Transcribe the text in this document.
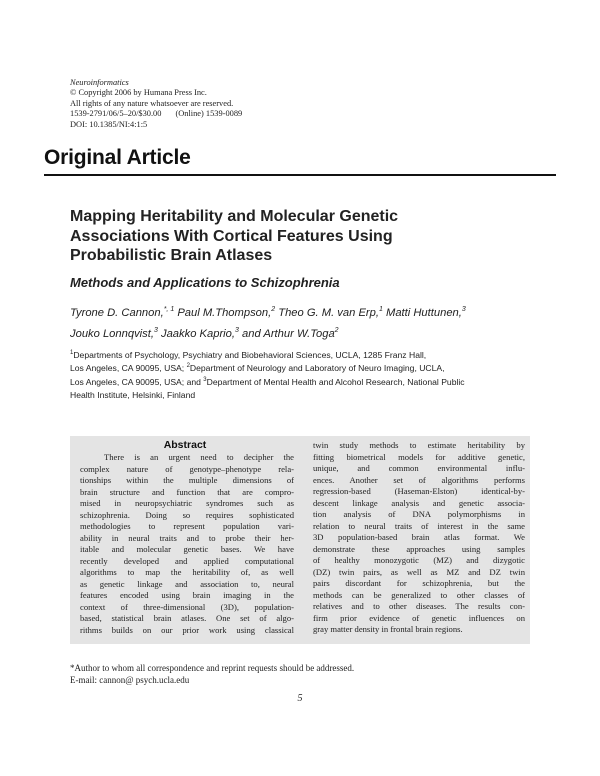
Neuroinformatics
© Copyright 2006 by Humana Press Inc.
All rights of any nature whatsoever are reserved.
1539-2791/06/5–20/$30.00 (Online) 1539-0089
DOI: 10.1385/NI:4:1:5
Original Article
Mapping Heritability and Molecular Genetic
Associations With Cortical Features Using
Probabilistic Brain Atlases
Methods and Applications to Schizophrenia
Tyrone D. Cannon,$^{*, 1}$ Paul M.Thompson,$^2$ Theo G. M. van Erp,$^1$ Matti Huttunen,$^3$
Jouko Lonnqvist,$^3$ Jaakko Kaprio,$^3$ and Arthur W.Toga$^2$
$^1$Departments of Psychology, Psychiatry and Biobehavioral Sciences, UCLA, 1285 Franz Hall,
Los Angeles, CA 90095, USA; $^2$Department of Neurology and Laboratory of Neuro Imaging, UCLA,
Los Angeles, CA 90095, USA; and $^3$Department of Mental Health and Alcohol Research, National Public
Health Institute, Helsinki, Finland
Abstract
There is an urgent need to decipher the
complex nature of genotype–phenotype rela-
tionships within the multiple dimensions of
brain structure and function that are compro-
mised in neuropsychiatric syndromes such as
schizophrenia. Doing so requires sophisticated
methodologies to represent population vari-
ability in neural traits and to probe their her-
itable and molecular genetic bases. We have
recently developed and applied computational
algorithms to map the heritability of, as well
as genetic linkage and association to, neural
features encoded using brain imaging in the
context of three-dimensional (3D), population-
based, statistical brain atlases. One set of algo-
rithms builds on our prior work using classical
twin study methods to estimate heritability by
fitting biometrical models for additive genetic,
unique, and common environmental influ-
ences. Another set of algorithms performs
regression-based (Haseman-Elston) identical-by-
descent linkage analysis and genetic associa-
tion analysis of DNA polymorphisms in
relation to neural traits of interest in the same
3D population-based brain atlas format. We
demonstrate these approaches using samples
of healthy monozygotic (MZ) and dizygotic
(DZ) twin pairs, as well as MZ and DZ twin
pairs discordant for schizophrenia, but the
methods can be generalized to other classes of
relatives and to other diseases. The results con-
firm prior evidence of genetic influences on
gray matter density in frontal brain regions.
*Author to whom all correspondence and reprint requests should be addressed.
E-mail: cannon@ psych.ucla.edu
5
